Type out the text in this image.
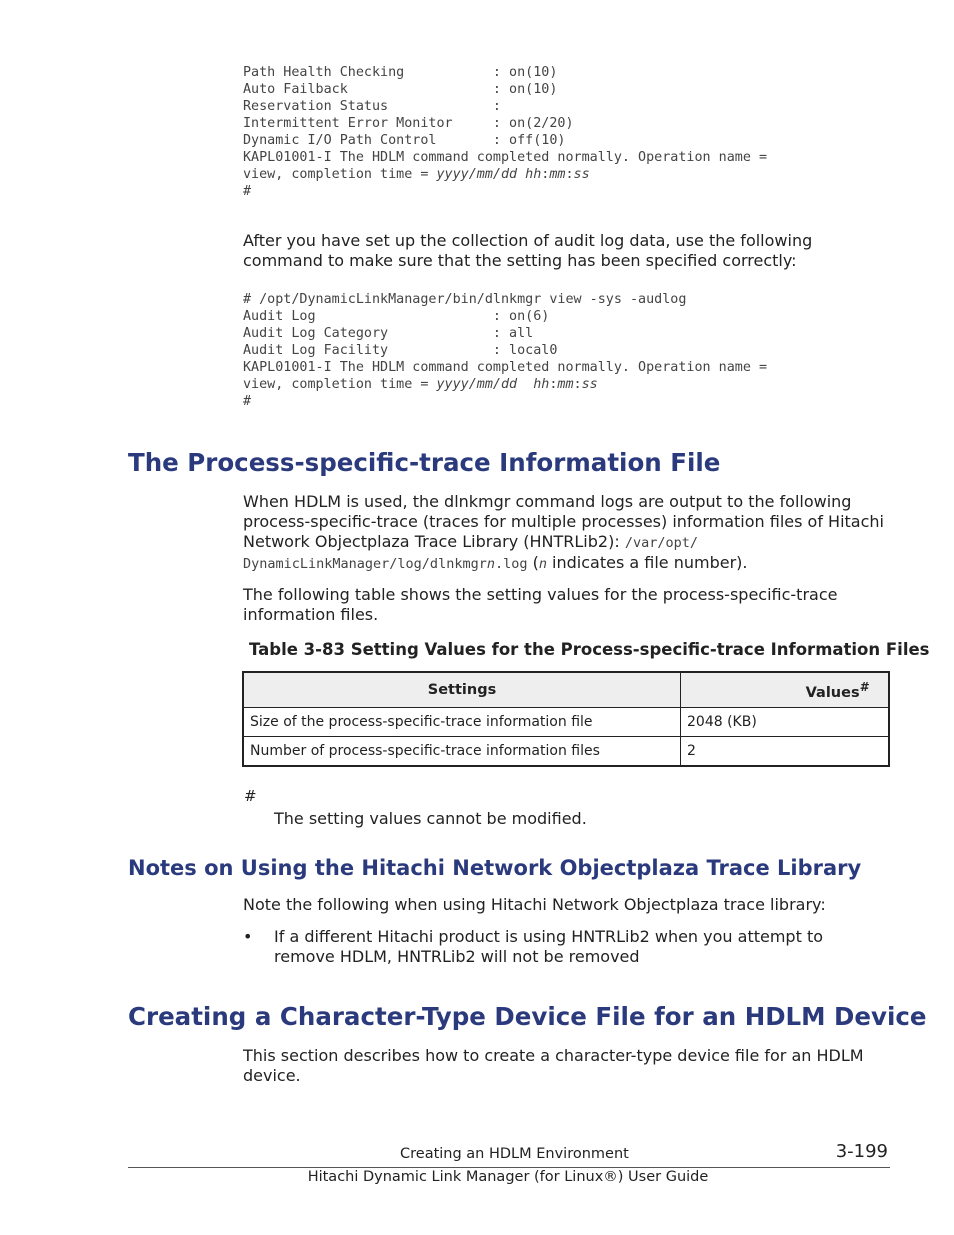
Path Health Checking           : on(10)
Auto Failback                  : on(10)
Reservation Status             :
Intermittent Error Monitor     : on(2/20)
Dynamic I/O Path Control       : off(10)
KAPL01001-I The HDLM command completed normally. Operation name =
view, completion time = yyyy/mm/dd hh:mm:ss
#

After you have set up the collection of audit log data, use the following command to make sure that the setting has been specified correctly:

# /opt/DynamicLinkManager/bin/dlnkmgr view -sys -audlog
Audit Log                      : on(6)
Audit Log Category             : all
Audit Log Facility             : local0
KAPL01001-I The HDLM command completed normally. Operation name =
view, completion time = yyyy/mm/dd hh:mm:ss
#
The Process-specific-trace Information File

When HDLM is used, the dlnkmgr command logs are output to the following process-specific-trace (traces for multiple processes) information files of Hitachi Network Objectplaza Trace Library (HNTRLib2): /var/opt/
DynamicLinkManager/log/dlnkmgrn.log (n indicates a file number).

The following table shows the setting values for the process-specific-trace information files.

Table 3-83 Setting Values for the Process-specific-trace Information Files

Settings	Values#
Size of the process-specific-trace information file	2048 (KB)
Number of process-specific-trace information files	2
#
The setting values cannot be modified.
Notes on Using the Hitachi Network Objectplaza Trace Library

Note the following when using Hitachi Network Objectplaza trace library:

• If a different Hitachi product is using HNTRLib2 when you attempt to remove HDLM, HNTRLib2 will not be removed

Creating a Character-Type Device File for an HDLM Device

This section describes how to create a character-type device file for an HDLM device.

Creating an HDLM Environment	3-199
Hitachi Dynamic Link Manager (for Linux®) User Guide
